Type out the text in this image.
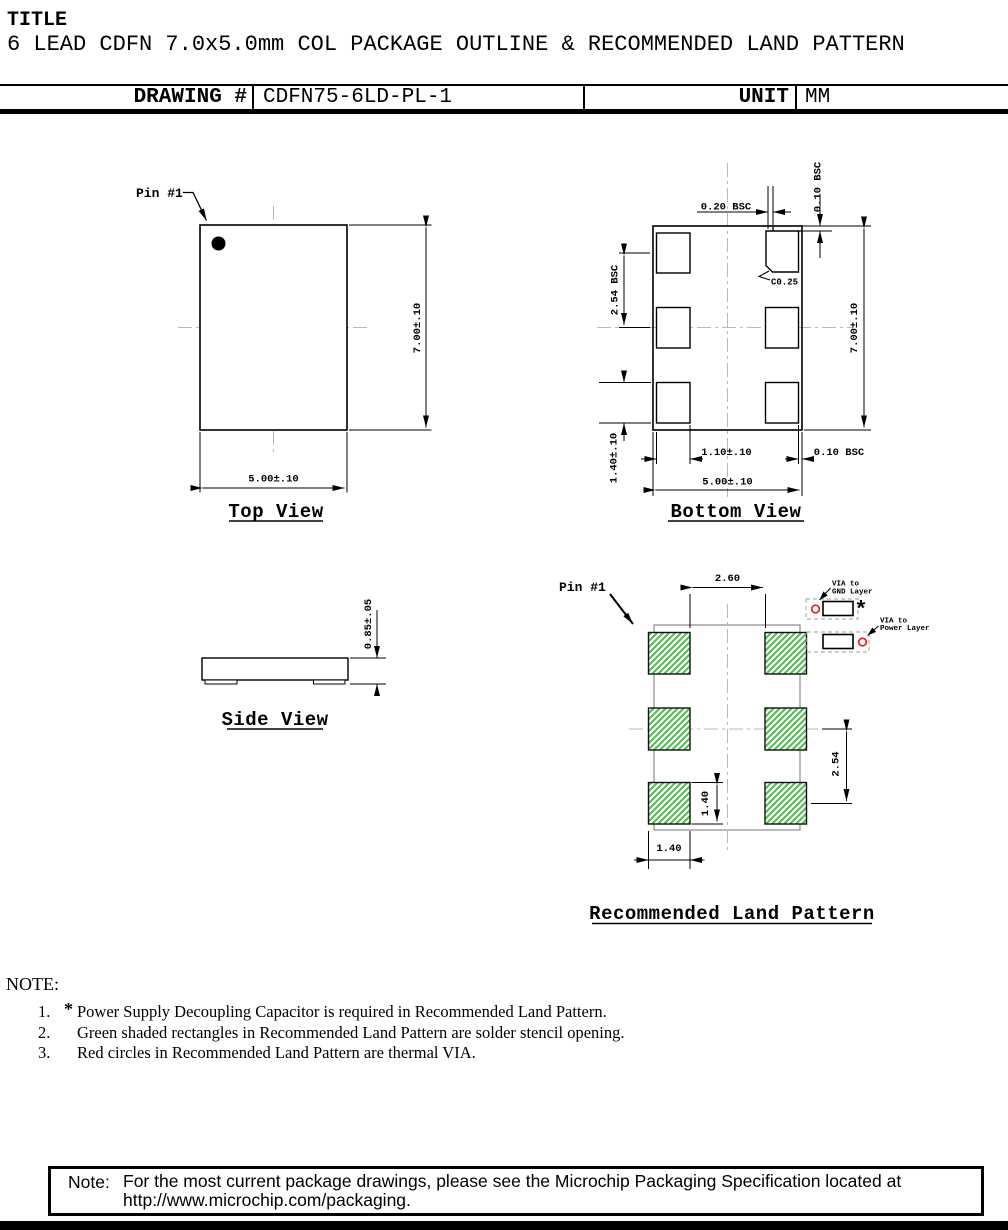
Pin #1
7.00±.10
5.00±.10
Top View
C0.25
0.20 BSC	0.10 BSC
2.54 BSC
1.40±.10
7.00±.10
1.10±.10	0.10 BSC
5.00±.10
Bottom View
0.85±.05
Side View
Pin #1
2.60
1.40
2.54
1.40
*
VIA to
GND Layer
VIA to
Power Layer
Recommended Land Pattern
TITLE
6 LEAD CDFN 7.0x5.0mm COL PACKAGE OUTLINE & RECOMMENDED LAND PATTERN
DRAWING # CDFN75-6LD-PL-1	UNIT MM
NOTE:
1. * Power Supply Decoupling Capacitor is required in Recommended Land Pattern.
2. Green shaded rectangles in Recommended Land Pattern are solder stencil opening.
3. Red circles in Recommended Land Pattern are thermal VIA.
Note: For the most current package drawings, please see the Microchip Packaging Specification located at
http://www.microchip.com/packaging.
